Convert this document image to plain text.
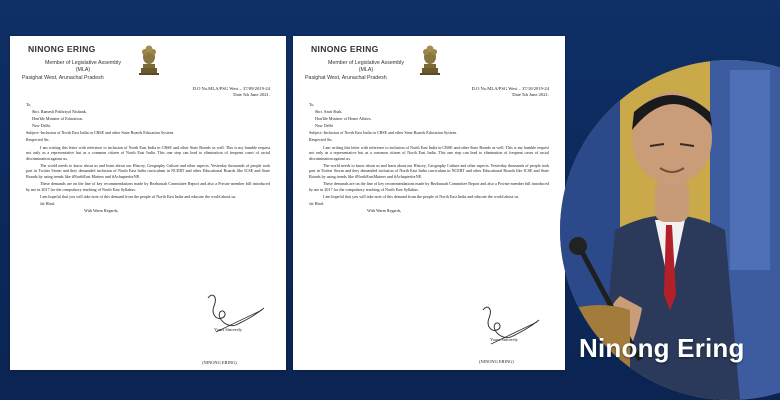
NINONG ERING
Member of Legislative Assembly
(MLA)
Pasighat West, Arunachal Pradesh
D.O No.MLA/PSG West – 37/09/2019-24
Date 5th June 2021.

To,

Shri. Ramesh Pokhriyal Nishank,

Hon'ble Minister of Education,

New Delhi.

Subject:-Inclusion of North East India in CBSE and other State Boards Education System.

Respected Sir,

I am writing this letter with reference to inclusion of North East India in CBSE and other State Boards as well. This is my humble request not only as a representative but as a common citizen of North East India. This one step can lead to elimination of frequent cases of racial discrimination against us.

The world needs to know about us and learn about our History, Geography Culture and other aspects. Yesterday thousands of people took part in Twitter Storm and they demanded inclusion of North East India curriculum in NCERT and other Educational Boards like ICSE and State Boards by using trends like #NorthEast Matters and #AchapterforNE.

These demands are on the line of key recommendations made by Bezbaruah Committee Report and also a Private member bill introduced by me in 2017 for the compulsory teaching of North East Syllabus.

I am hopeful that you will take note of this demand from the people of North East India and educate the world about us.

Jai Hind.

With Warm Regards,

Yours Sincerely
(NINONG ERING)
NINONG ERING
Member of Legislative Assembly
(MLA)
Pasighat West, Arunachal Pradesh
D.O No.MLA/PSG West – 37/10/2019-24
Date 5th June 2021.

To,

Shri. Amit Shah,

Hon'ble Minister of Home Affairs,

New Delhi

Subject:-Inclusion of North East India in CBSE and other State Boards Education System.

Respected Sir,

I am writing this letter with reference to inclusion of North East India in CBSE and other State Boards as well. This is my humble request not only as a representative but as a common citizen of North East India. This one step can lead to elimination of frequent cases of racial discrimination against us.

The world needs to know about us and learn about our History, Geography Culture and other aspects. Yesterday thousands of people took part in Twitter Storm and they demanded inclusion of North East India curriculum in NCERT and other Educational Boards like ICSE and State Boards by using trends like #NorthEastMatters and #AchapterforNE.

These demands are on the line of key recommendations made by Bezbaruah Committee Report and also a Private member bill introduced by me in 2017 for the compulsory teaching of North East Syllabus.

I am hopeful that you will take note of this demand from the people of North East India and educate the world about us.

Jai Hind.

With Warm Regards,

Yours Sincerely
(NINONG ERING)	Ninong Ering
